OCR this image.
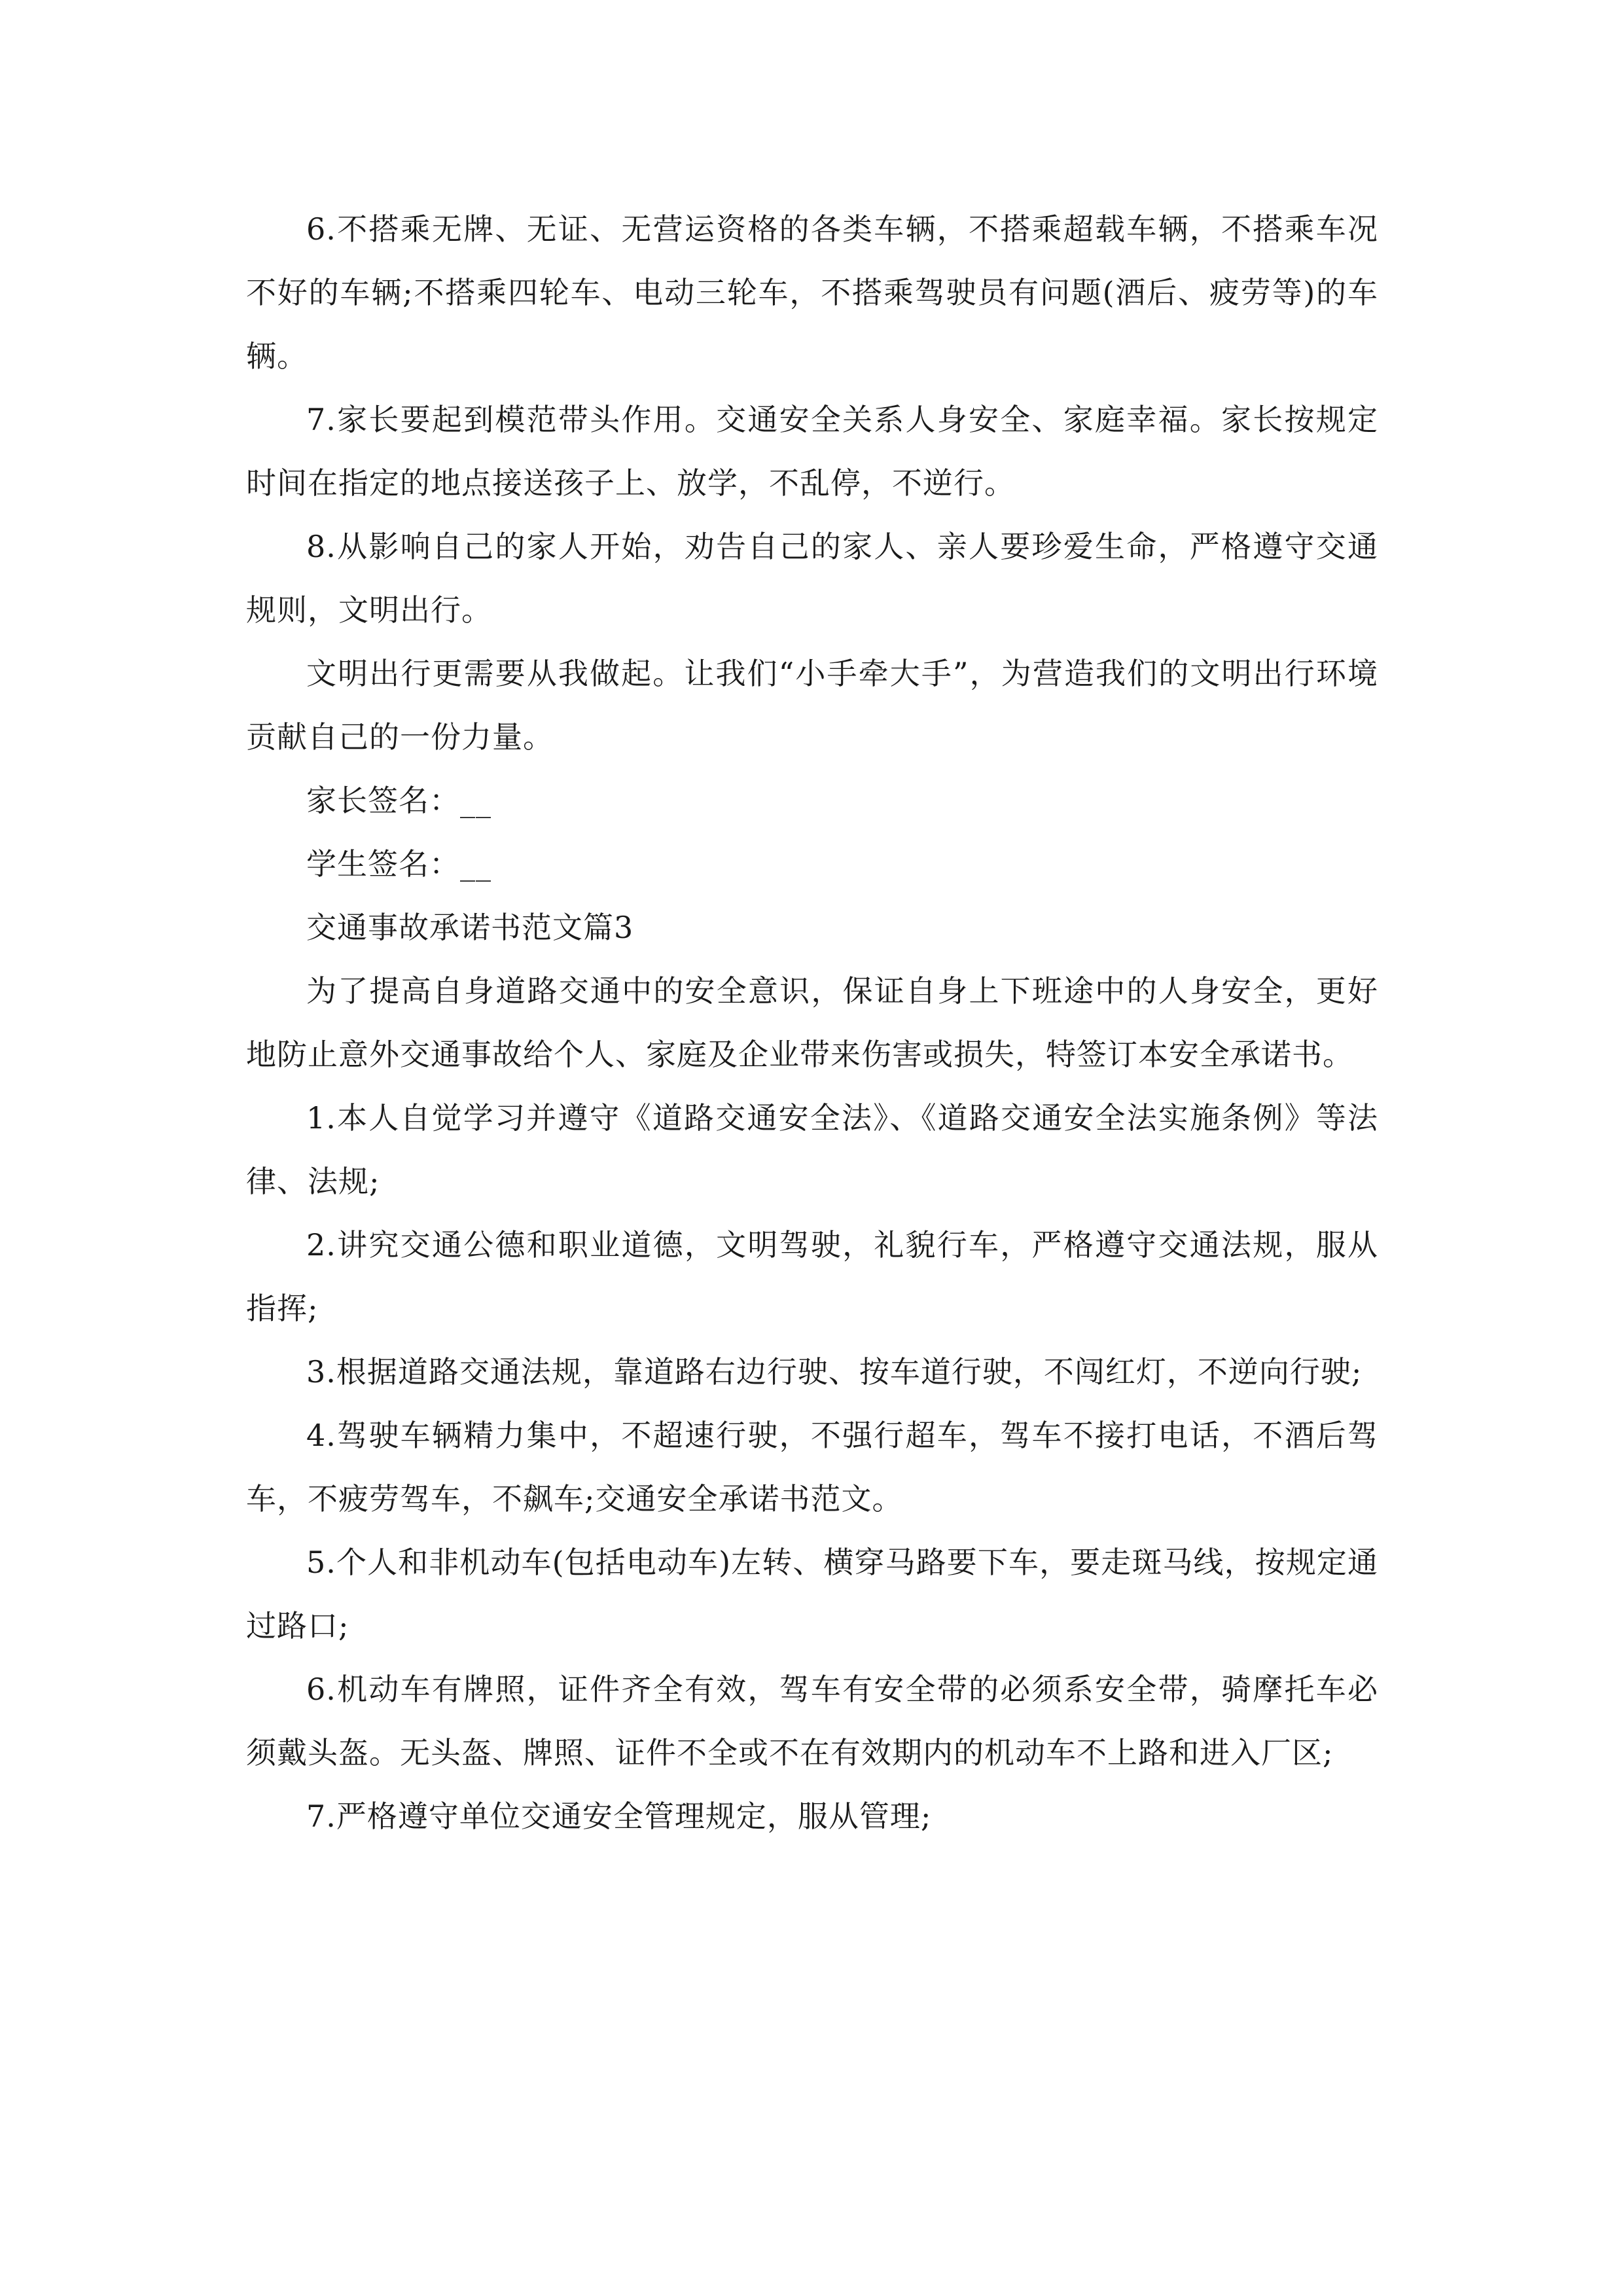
6.不搭乘无牌、无证、无营运资格的各类车辆，不搭乘超载车辆，不搭乘车况不好的车辆;不搭乘四轮车、电动三轮车，不搭乘驾驶员有问题(酒后、疲劳等)的车辆。

7.家长要起到模范带头作用。交通安全关系人身安全、家庭幸福。家长按规定时间在指定的地点接送孩子上、放学，不乱停，不逆行。

8.从影响自己的家人开始，劝告自己的家人、亲人要珍爱生命，严格遵守交通规则，文明出行。

文明出行更需要从我做起。让我们“小手牵大手”，为营造我们的文明出行环境贡献自己的一份力量。

家长签名：__

学生签名：__

交通事故承诺书范文篇3

为了提高自身道路交通中的安全意识，保证自身上下班途中的人身安全，更好地防止意外交通事故给个人、家庭及企业带来伤害或损失，特签订本安全承诺书。

1.本人自觉学习并遵守《道路交通安全法》、《道路交通安全法实施条例》等法律、法规;

2.讲究交通公德和职业道德，文明驾驶，礼貌行车，严格遵守交通法规，服从指挥;

3.根据道路交通法规，靠道路右边行驶、按车道行驶，不闯红灯，不逆向行驶;

4.驾驶车辆精力集中，不超速行驶，不强行超车，驾车不接打电话，不酒后驾车，不疲劳驾车，不飙车;交通安全承诺书范文。

5.个人和非机动车(包括电动车)左转、横穿马路要下车，要走斑马线，按规定通过路口;

6.机动车有牌照，证件齐全有效，驾车有安全带的必须系安全带，骑摩托车必须戴头盔。无头盔、牌照、证件不全或不在有效期内的机动车不上路和进入厂区;

7.严格遵守单位交通安全管理规定，服从管理;
